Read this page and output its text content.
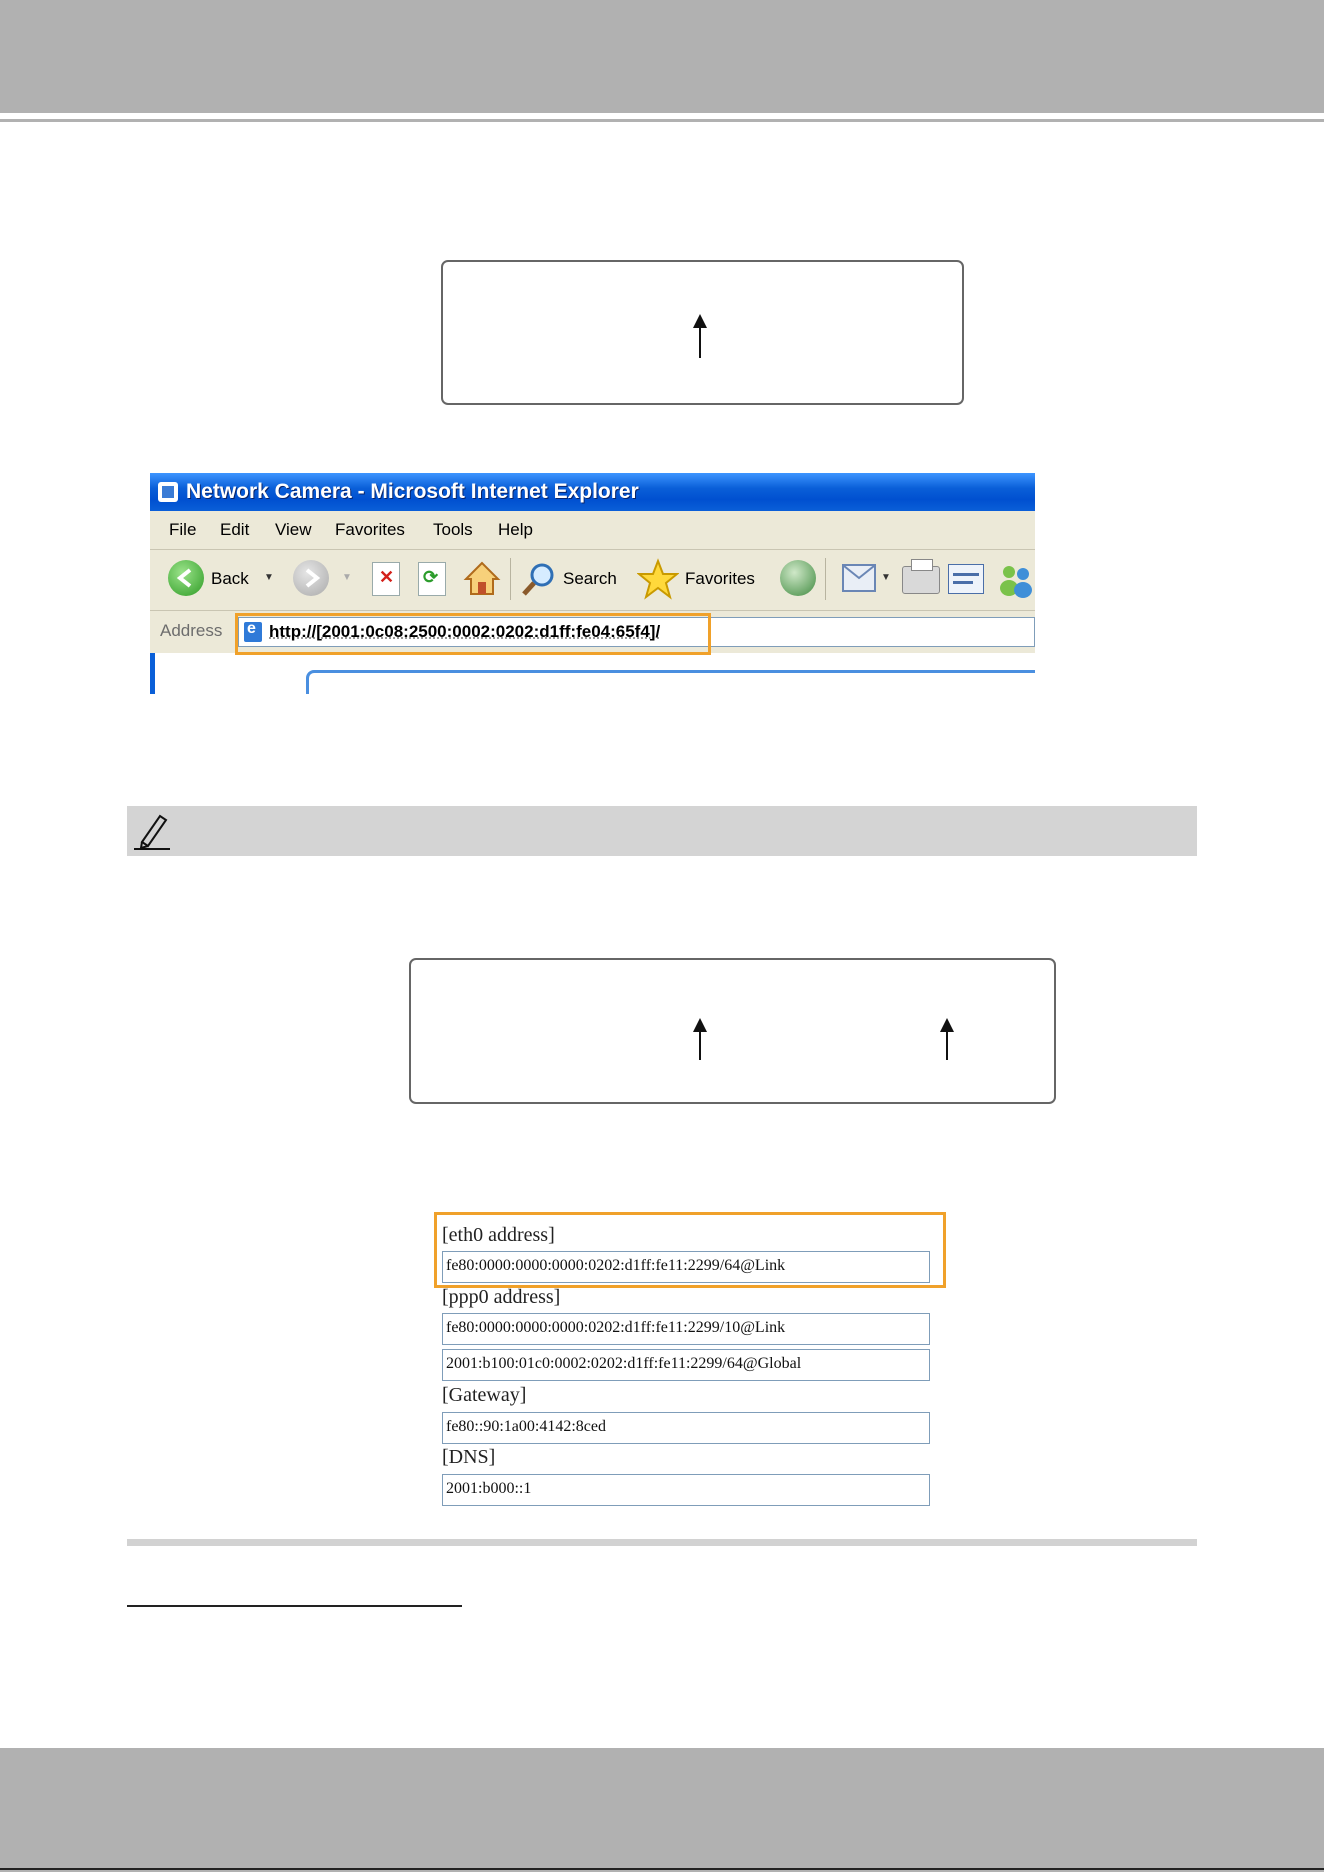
Network Camera - Microsoft Internet Explorer
File Edit View Favorites Tools Help
Back ▼	▼ ✕ ⟳	Search	Favorites	▼
Address
e	http://[2001:0c08:2500:0002:0202:d1ff:fe04:65f4]/
[eth0 address]
fe80:0000:0000:0000:0202:d1ff:fe11:2299/64@Link
[ppp0 address]
fe80:0000:0000:0000:0202:d1ff:fe11:2299/10@Link
2001:b100:01c0:0002:0202:d1ff:fe11:2299/64@Global
[Gateway]
fe80::90:1a00:4142:8ced
[DNS]
2001:b000::1
